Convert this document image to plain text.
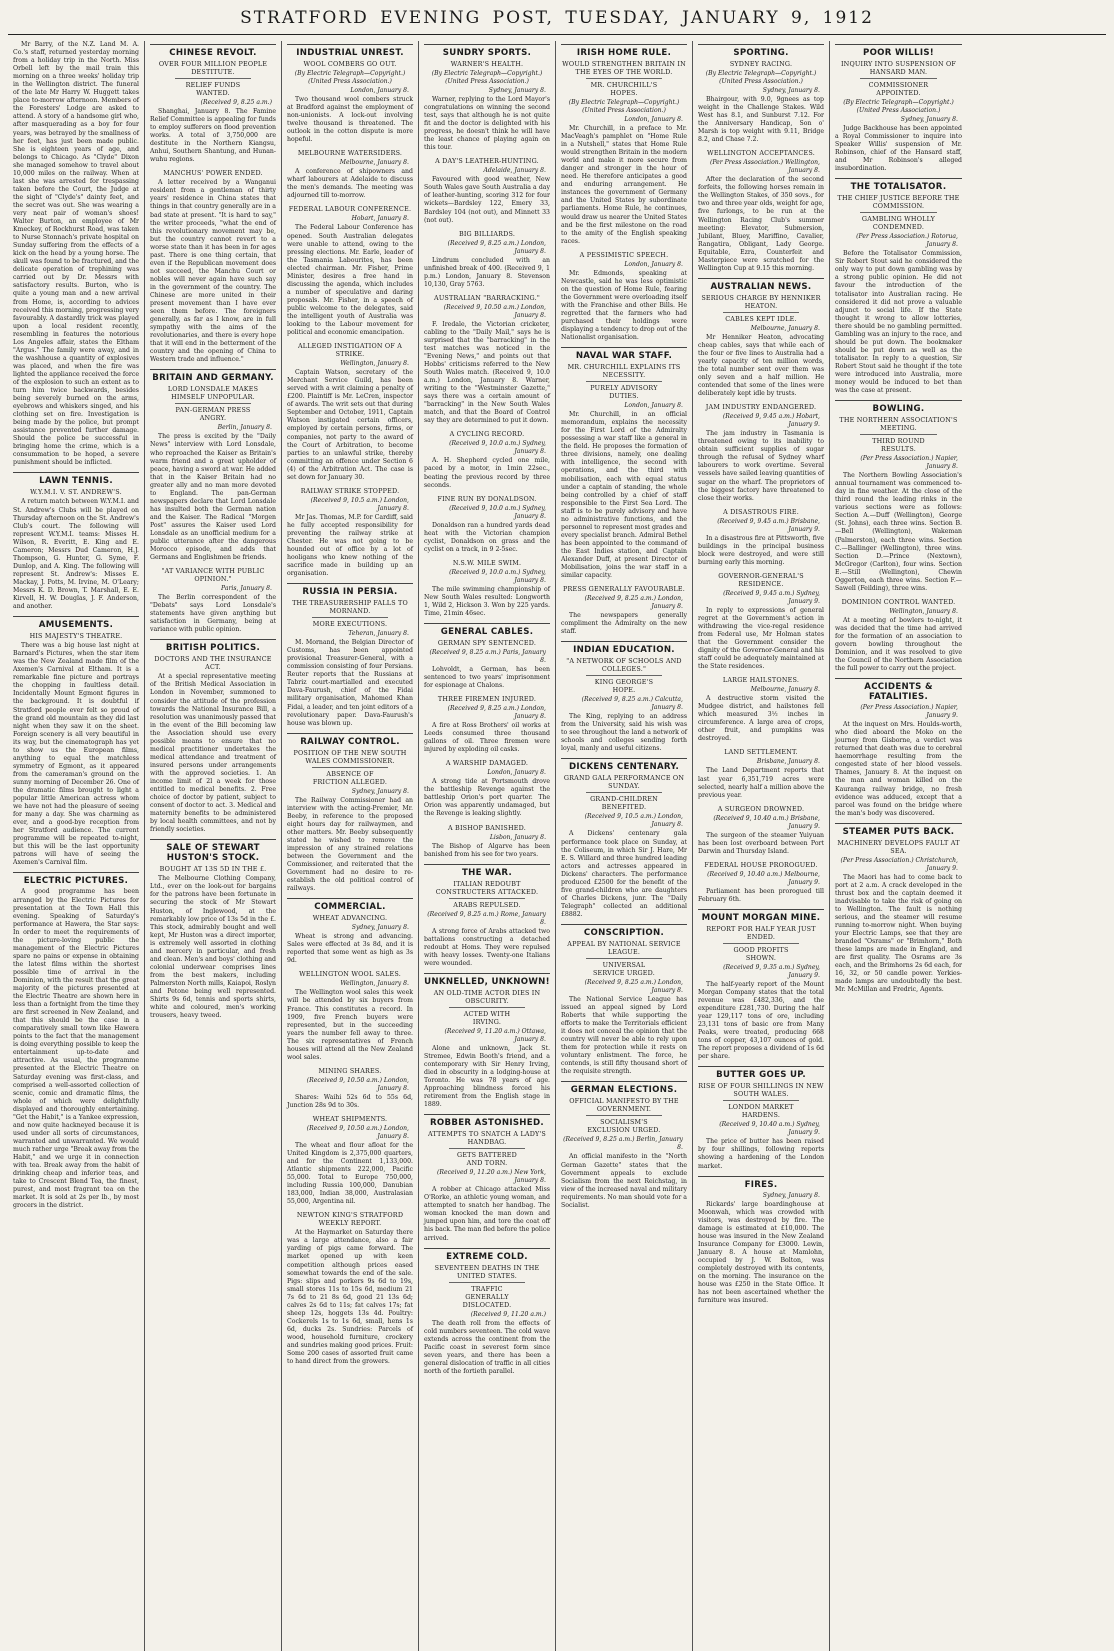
STRATFORD EVENING POST, TUESDAY, JANUARY 9, 1912

Mr Barry, of the N.Z. Land M. A. Co.'s staff, returned yesterday morning from a holiday trip in the North. Miss Orbell left by the mail train this morning on a three weeks' holiday trip in the Wellington district. The funeral of the late Mr Harry W. Huggett takes place to-morrow afternoon. Members of the Foresters' Lodge are asked to attend. A story of a handsome girl who, after masquerading as a boy for four years, was betrayed by the smallness of her feet, has just been made public. She is eighteen years of age, and belongs to Chicago. As "Clyde" Dixon she managed somehow to travel about 10,000 miles on the railway. When at last she was arrested for trespassing taken before the Court, the Judge at the sight of "Clyde's" dainty feet, and the secret was out. She was wearing a very neat pair of woman's shoes! Walter Burton, an employee of Mr Kmeckey, of Rockhurst Road, was taken to Nurse Stonnach's private hospital on Sunday suffering from the effects of a kick on the head by a young horse. The skull was found to be fractured, and the delicate operation of trephining was carried out by Dr. Messrs with satisfactory results. Burton, who is quite a young man and a new arrival from Home, is, according to advices received this morning, progressing very favourably. A dastardly trick was played upon a local resident recently, resembling in features the notorious Los Angeles affair, states the Eltham "Argus." The family were away, and in the washhouse a quantity of explosives was placed, and when the fire was lighted the appliance received the force of the explosion to such an extent as to turn him twice backwards, besides being severely burned on the arms, eyebrows and whiskers singed, and his clothing set on fire. Investigation is being made by the police, but prompt assistance prevented further damage. Should the police be successful in bringing home the crime, which is a consummation to be hoped, a severe punishment should be inflicted.

LAWN TENNIS.
W.Y.M.I. V. ST. ANDREW'S.

A return match between W.Y.M.I. and St. Andrew's Clubs will be played on Thursday afternoon on the St. Andrew's Club's court. The following will represent W.Y.M.I. teams: Misses H. Wilson, R. Everitt, E. King and E. Cameron; Messrs Dud Cameron, H.J. Thompson, G. Hunter, G. Syme, F. Dunlop, and A. King. The following will represent St. Andrew's: Misses E. Mackay, J. Potts, M. Irvine, M. O'Leary; Messrs K. D. Brown, T. Marshall, E. E. Kirvell, H. W. Douglas, J. F. Anderson, and another.

AMUSEMENTS.
HIS MAJESTY'S THEATRE.

There was a big house last night at Barnard's Pictures, when the star item was the New Zealand made film of the Axemen's Carnival at Eltham. It is a remarkable fine picture and portrays the chopping in faultless detail. Incidentally Mount Egmont figures in the background. It is doubtful if Stratford people ever felt so proud of the grand old mountain as they did last night when they saw it on the sheet. Foreign scenery is all very beautiful in its way, but the cinematograph has yet to show us the European films, anything to equal the matchless symmetry of Egmont, as it appeared from the cameraman's ground on the sunny morning of December 26. One of the dramatic films brought to light a popular little American actress whom we have not had the pleasure of seeing for many a day. She was charming as ever, and a good-bye reception from her Stratford audience. The current programme will be repeated to-night, but this will be the last opportunity patrons will have of seeing the Axemen's Carnival film.

ELECTRIC PICTURES.

A good programme has been arranged by the Electric Pictures for presentation at the Town Hall this evening. Speaking of Saturday's performance at Hawera, the Star says: In order to meet the requirements of the picture-loving public the management of the Electric Pictures spare no pains or expense in obtaining the latest films within the shortest possible time of arrival in the Dominion, with the result that the great majority of the pictures presented at the Electric Theatre are shown here in less than a fortnight from the time they are first screened in New Zealand, and that this should be the case in a comparatively small town like Hawera points to the fact that the management is doing everything possible to keep the entertainment up-to-date and attractive. As usual, the programme presented at the Electric Theatre on Saturday evening was first-class, and comprised a well-assorted collection of scenic, comic and dramatic films, the whole of which were delightfully displayed and thoroughly entertaining. "Get the Habit," is a Yankee expression, and now quite hackneyed because it is used under all sorts of circumstances, warranted and unwarranted. We would much rather urge "Break away from the Habit," and we urge it in connection with tea. Break away from the habit of drinking cheap and inferior teas, and take to Crescent Blend Tea, the finest, purest, and most fragrant tea on the market. It is sold at 2s per lb., by most grocers in the district.

CHINESE REVOLT.
OVER FOUR MILLION PEOPLE DESTITUTE.
RELIEF FUNDS WANTED.
(Received 9, 8.25 a.m.)

Shanghai, January 8. The Famine Relief Committee is appealing for funds to employ sufferers on flood prevention works. A total of 3,750,000 are destitute in the Northern Kiangsu, Anhui, Southern Shantung, and Hunan-wuhu regions.

MANCHUS' POWER ENDED.

A letter received by a Wanganui resident from a gentleman of thirty years' residence in China states that things in that country generally are in a bad state at present. "It is hard to say," the writer proceeds, "what the end of this revolutionary movement may be, but the country cannot revert to a worse state than it has been in for ages past. There is one thing certain, that even if the Republican movement does not succeed, the Manchu Court or nobles will never again have such say in the government of the country. The Chinese are more united in their present movement than I have ever seen them before. The foreigners generally, as far as I know, are in full sympathy with the aims of the revolutionaries, and there is every hope that it will end in the betterment of the country and the opening of China to Western trade and influence."

BRITAIN AND GERMANY.
LORD LONSDALE MAKES HIMSELF UNPOPULAR.
PAN-GERMAN PRESS ANGRY.
Berlin, January 8.

The press is excited by the "Daily News" interview with Lord Lonsdale, who reproached the Kaiser as Britain's warm friend and a great upholder of peace, having a sword at war. He added that in the Kaiser Britain had no greater ally and no man more devoted to England. The pan-German newspapers declare that Lord Lonsdale has insulted both the German nation and the Kaiser. The Radical "Morgen Post" assures the Kaiser used Lord Lonsdale as an unofficial medium for a public utterance after the dangerous Morocco episode, and adds that Germans and Englishmen be friends.

"AT VARIANCE WITH PUBLIC OPINION."
Paris, January 8.

The Berlin correspondent of the "Debats" says Lord Lonsdale's statements have given anything but satisfaction in Germany, being at variance with public opinion.

BRITISH POLITICS.
DOCTORS AND THE INSURANCE ACT.

At a special representative meeting of the British Medical Association in London in November, summoned to consider the attitude of the profession towards the National Insurance Bill, a resolution was unanimously passed that in the event of the Bill becoming law the Association should use every possible means to ensure that no medical practitioner undertakes the medical attendance and treatment of insured persons under arrangements with the approved societies. 1. An income limit of 2l a week for those entitled to medical benefits. 2. Free choice of doctor by patient, subject to consent of doctor to act. 3. Medical and maternity benefits to be administered by local health committees, and not by friendly societies.

SALE OF STEWART HUSTON'S STOCK.
BOUGHT AT 13S 5D IN THE £.

The Melbourne Clothing Company, Ltd., ever on the look-out for bargains for the patrons have been fortunate in securing the stock of Mr Stewart Huston, of Inglewood, at the remarkably low price of 13s 5d in the £. This stock, admirably bought and well kept, Mr Huston was a direct importer, is extremely well assorted in clothing and mercery in particular, and fresh and clean. Men's and boys' clothing and colonial underwear comprises lines from the best makers, including Palmerston North mills, Kaiapoi, Roslyn and Petone being well represented. Shirts 9s 6d, tennis and sports shirts, white and coloured, men's working trousers, heavy tweed.

INDUSTRIAL UNREST.
WOOL COMBERS GO OUT.
(By Electric Telegraph—Copyright.) (United Press Association.)
London, January 8.

Two thousand wool combers struck at Bradford against the employment of non-unionists. A lock-out involving twelve thousand is threatened. The outlook in the cotton dispute is more hopeful.

MELBOURNE WATERSIDERS.
Melbourne, January 8.

A conference of shipowners and wharf labourers at Adelaide to discuss the men's demands. The meeting was adjourned till to-morrow.

FEDERAL LABOUR CONFERENCE.
Hobart, January 8.

The Federal Labour Conference has opened. South Australian delegates were unable to attend, owing to the pressing elections. Mr. Earle, leader of the Tasmania Labourites, has been elected chairman. Mr. Fisher, Prime Minister, desires a free hand in discussing the agenda, which includes a number of speculative and daring proposals. Mr. Fisher, in a speech of public welcome to the delegates, said the intelligent youth of Australia was looking to the Labour movement for political and economic emancipation.

ALLEGED INSTIGATION OF A STRIKE.
Wellington, January 8.

Captain Watson, secretary of the Merchant Service Guild, has been served with a writ claiming a penalty of £200. Plaintiff is Mr. LeCren, inspector of awards. The writ sets out that during September and October, 1911, Captain Watson instigated certain officers, employed by certain persons, firms, or companies, not party to the award of the Court of Arbitration, to become parties to an unlawful strike, thereby committing an offence under Section 6 (4) of the Arbitration Act. The case is set down for January 30.

RAILWAY STRIKE STOPPED.
(Received 9, 10.5 a.m.) London, January 8.

Mr Jas. Thomas, M.P. for Cardiff, said he fully accepted responsibility for preventing the railway strike at Chester. He was not going to be hounded out of office by a lot of hooligans who knew nothing of the sacrifice made in building up an organisation.

RUSSIA IN PERSIA.
THE TREASURERSHIP FALLS TO MORNAND.
MORE EXECUTIONS.
Teheran, January 8.

M. Mornand, the Belgian Director of Customs, has been appointed provisional Treasurer-General, with a commission consisting of four Persians. Reuter reports that the Russians at Tabriz court-martialled and executed Dava-Faurush, chief of the Fidai military organisation, Mahomed Khan Fidai, a leader, and ten joint editors of a revolutionary paper. Dava-Faurush's house was blown up.

RAILWAY CONTROL.
POSITION OF THE NEW SOUTH WALES COMMISSIONER.
ABSENCE OF FRICTION ALLEGED.
Sydney, January 8.

The Railway Commissioner had an interview with the acting-Premier, Mr. Beeby, in reference to the proposed eight hours day for railwaymen, and other matters. Mr. Beeby subsequently stated he wished to remove the impression of any strained relations between the Government and the Commissioner, and reiterated that the Government had no desire to re-establish the old political control of railways.

COMMERCIAL.
WHEAT ADVANCING.
Sydney, January 8.

Wheat is strong and advancing. Sales were effected at 3s 8d, and it is reported that some went as high as 3s 9d.

WELLINGTON WOOL SALES.
Wellington, January 8.

The Wellington wool sales this week will be attended by six buyers from France. This constitutes a record. In 1909, five French buyers were represented, but in the succeeding years the number fell away to three. The six representatives of French houses will attend all the New Zealand wool sales.

MINING SHARES.
(Received 9, 10.50 a.m.) London, January 8.

Shares: Waihi 52s 6d to 55s 6d, Junction 28s 9d to 30s.

WHEAT SHIPMENTS.
(Received 9, 10.50 a.m.) London, January 8.

The wheat and flour afloat for the United Kingdom is 2,375,000 quarters, and for the Continent 1,133,000. Atlantic shipments 222,000, Pacific 55,000. Total to Europe 750,000, including Russia 100,000, Danubian 183,000, Indian 38,000, Australasian 55,000, Argentina nil.

NEWTON KING'S STRATFORD WEEKLY REPORT.

At the Haymarket on Saturday there was a large attendance, also a fair yarding of pigs came forward. The market opened up with keen competition although prices eased somewhat towards the end of the sale. Pigs: slips and porkers 9s 6d to 19s, small stores 11s to 15s 6d, medium 21 7s 6d to 21 8s 6d, good 21 13s 6d; calves 2s 6d to 11s; fat calves 17s; fat sheep 12s, hoggets 13s 4d. Poultry: Cockerels 1s to 1s 6d, small, hens 1s 6d, ducks 2s. Sundries: Parcels of wood, household furniture, crockery and sundries making good prices. Fruit: Some 200 cases of assorted fruit came to hand direct from the growers.

SUNDRY SPORTS.
WARNER'S HEALTH.
(By Electric Telegraph—Copyright.) (United Press Association.)
Sydney, January 8.

Warner, replying to the Lord Mayor's congratulations on winning the second test, says that although he is not quite fit and the doctor is delighted with his progress, he doesn't think he will have the least chance of playing again on this tour.

A DAY'S LEATHER-HUNTING.
Adelaide, January 8.

Favoured with good weather, New South Wales gave South Australia a day of leather-hunting, scoring 312 for four wickets—Bardsley 122, Emery 33, Bardsley 104 (not out), and Minnett 33 (not out).

BIG BILLIARDS.
(Received 9, 8.25 a.m.) London, January 8.

Lindrum concluded with an unfinished break of 400. (Received 9, 1 p.m.) London, January 8. Stevenson 10,130, Gray 5763.

AUSTRALIAN "BARRACKING."
(Received 9, 10.50 a.m.) London, January 8.

F. Iredale, the Victorian cricketer, cabling to the "Daily Mail," says he is surprised that the "barracking" in the test matches was noticed in the "Evening News," and points out that Hobbs' criticisms referred to the New South Wales match. (Received 9, 10.0 a.m.) London, January 8. Warner, writing to the "Westminster Gazette," says there was a certain amount of "barracking" in the New South Wales match, and that the Board of Control say they are determined to put it down.

A CYCLING RECORD.
(Received 9, 10.0 a.m.) Sydney, January 8.

A. H. Shepherd cycled one mile, paced by a motor, in 1min 22sec., beating the previous record by three seconds.

FINE RUN BY DONALDSON.
(Received 9, 10.0 a.m.) Sydney, January 8.

Donaldson ran a hundred yards dead heat with the Victorian champion cyclist, Donaldson on grass and the cyclist on a track, in 9 2-5sec.

N.S.W. MILE SWIM.
(Received 9, 10.0 a.m.) Sydney, January 8.

The mile swimming championship of New South Wales resulted: Longworth 1, Wild 2, Hickson 3. Won by 225 yards. Time, 21min 46sec.

GENERAL CABLES.
GERMAN SPY SENTENCED.
(Received 9, 8.25 a.m.) Paris, January 8.

Lohvoldt, a German, has been sentenced to two years' imprisonment for espionage at Chalons.

THREE FIREMEN INJURED.
(Received 9, 8.25 a.m.) London, January 8.

A fire at Ross Brothers' oil works at Leeds consumed three thousand gallons of oil. Three firemen were injured by exploding oil casks.

A WARSHIP DAMAGED.
London, January 8.

A strong tide at Portsmouth drove the battleship Revenge against the battleship Orion's port quarter. The Orion was apparently undamaged, but the Revenge is leaking slightly.

A BISHOP BANISHED.
Lisbon, January 8.

The Bishop of Algarve has been banished from his see for two years.

THE WAR.
ITALIAN REDOUBT CONSTRUCTERS ATTACKED.
ARABS REPULSED.
(Received 9, 8.25 a.m.) Rome, January 8.

A strong force of Arabs attacked two battalions constructing a detached redoubt at Homs. They were repulsed with heavy losses. Twenty-one Italians were wounded.

UNKNELLED, UNKNOWN!
AN OLD-TIME ACTOR DIES IN OBSCURITY.
ACTED WITH IRVING.
(Received 9, 11.20 a.m.) Ottawa, January 8.

Alone and unknown, Jack St. Stremee, Edwin Booth's friend, and a contemporary with Sir Henry Irving, died in obscurity in a lodging-house at Toronto. He was 78 years of age. Approaching blindness forced his retirement from the English stage in 1889.

ROBBER ASTONISHED.
ATTEMPTS TO SNATCH A LADY'S HANDBAG.
GETS BATTERED AND TORN.
(Received 9, 11.20 a.m.) New York, January 8.

A robber at Chicago attacked Miss O'Rorke, an athletic young woman, and attempted to snatch her handbag. The woman knocked the man down and jumped upon him, and tore the coat off his back. The man fled before the police arrived.

EXTREME COLD.
SEVENTEEN DEATHS IN THE UNITED STATES.
TRAFFIC GENERALLY DISLOCATED.
(Received 9, 11.20 a.m.)

The death roll from the effects of cold numbers seventeen. The cold wave extends across the continent from the Pacific coast in severest form since seven years, and there has been a general dislocation of traffic in all cities north of the fortieth parallel.

IRISH HOME RULE.
WOULD STRENGTHEN BRITAIN IN THE EYES OF THE WORLD.
MR. CHURCHILL'S HOPES.
(By Electric Telegraph—Copyright.) (United Press Association.)
London, January 8.

Mr. Churchill, in a preface to Mr. MacVeagh's pamphlet on "Home Rule in a Nutshell," states that Home Rule would strengthen Britain in the modern world and make it more secure from danger and stronger in the hour of need. He therefore anticipates a good and enduring arrangement. He instances the government of Germany and the United States by subordinate parliaments. Home Rule, he continues, would draw us nearer the United States and be the first milestone on the road to the amity of the English speaking races.

A PESSIMISTIC SPEECH.
London, January 8.

Mr. Edmonds, speaking at Newcastle, said he was less optimistic on the question of Home Rule, fearing the Government were overloading itself with the Franchise and other Bills. He regretted that the farmers who had purchased their holdings were displaying a tendency to drop out of the Nationalist organisation.

NAVAL WAR STAFF.
MR. CHURCHILL EXPLAINS ITS NECESSITY.
PURELY ADVISORY DUTIES.
London, January 8.

Mr. Churchill, in an official memorandum, explains the necessity for the First Lord of the Admiralty possessing a war staff like a general in the field. He proposes the formation of three divisions, namely, one dealing with intelligence, the second with operations, and the third with mobilisation, each with equal status under a captain of standing, the whole being controlled by a chief of staff responsible to the First Sea Lord. The staff is to be purely advisory and have no administrative functions, and the personnel to represent most grades and every specialist branch. Admiral Bethel has been appointed to the command of the East Indies station, and Captain Alexander Duff, at present Director of Mobilisation, joins the war staff in a similar capacity.

PRESS GENERALLY FAVOURABLE.
(Received 9, 8.25 a.m.) London, January 8.

The newspapers generally compliment the Admiralty on the new staff.

INDIAN EDUCATION.
"A NETWORK OF SCHOOLS AND COLLEGES."
KING GEORGE'S HOPE.
(Received 9, 8.25 a.m.) Calcutta, January 8.

The King, replying to an address from the University, said his wish was to see throughout the land a network of schools and colleges sending forth loyal, manly and useful citizens.

DICKENS CENTENARY.
GRAND GALA PERFORMANCE ON SUNDAY.
GRAND-CHILDREN BENEFITED.
(Received 9, 10.5 a.m.) London, January 8.

A Dickens' centenary gala performance took place on Sunday, at the Coliseum, in which Sir J. Hare, Mr E. S. Willard and three hundred leading actors and actresses appeared in Dickens' characters. The performance produced £2500 for the benefit of the five grand-children who are daughters of Charles Dickens, junr. The "Daily Telegraph" collected an additional £8882.

CONSCRIPTION.
APPEAL BY NATIONAL SERVICE LEAGUE.
UNIVERSAL SERVICE URGED.
(Received 9, 8.25 a.m.) London, January 8.

The National Service League has issued an appeal signed by Lord Roberts that while supporting the efforts to make the Territorials efficient it does not conceal the opinion that the country will never be able to rely upon them for protection while it rests on voluntary enlistment. The force, he contends, is still fifty thousand short of the requisite strength.

GERMAN ELECTIONS.
OFFICIAL MANIFESTO BY THE GOVERNMENT.
SOCIALISM'S EXCLUSION URGED.
(Received 9, 8.25 a.m.) Berlin, January 8.

An official manifesto in the "North German Gazette" states that the Government appeals to exclude Socialism from the next Reichstag, in view of the increased naval and military requirements. No man should vote for a Socialist.

SPORTING.
SYDNEY RACING.
(By Electric Telegraph—Copyright.) (United Press Association.)
Sydney, January 8.

Bhairgour, with 9.0, 9gnees as top weight in the Challenge Stakes. Wild West has 8.1, and Sunburst 7.12. For the Anniversary Handicap, Son o' Marsh is top weight with 9.11, Bridge 8.2, and Chase 7.2.

WELLINGTON ACCEPTANCES.
(Per Press Association.) Wellington, January 8.

After the declaration of the second forfeits, the following horses remain in the Wellington Stakes, of 350 sovs., for two and three year olds, weight for age, five furlongs, to be run at the Wellington Racing Club's summer meeting: Elevator, Submersion, Jubilant, Bluey, Mariffino, Cavalier, Rangatira, Obligant, Lady George. Equitable, Ezra, Counterfeit and Masterpiece were scratched for the Wellington Cup at 9.15 this morning.

AUSTRALIAN NEWS.
SERIOUS CHARGE BY HENNIKER HEATON.
CABLES KEPT IDLE.
Melbourne, January 8.

Mr Henniker Heaton, advocating cheap cables, says that while each of the four or five lines to Australia had a yearly capacity of ten million words, the total number sent over them was only seven and a half million. He contended that some of the lines were deliberately kept idle by trusts.

JAM INDUSTRY ENDANGERED.
(Received 9, 9.45 a.m.) Hobart, January 9.

The jam industry in Tasmania is threatened owing to its inability to obtain sufficient supplies of sugar through the refusal of Sydney wharf labourers to work overtime. Several vessels have sailed leaving quantities of sugar on the wharf. The proprietors of the biggest factory have threatened to close their works.

A DISASTROUS FIRE.
(Received 9, 9.45 a.m.) Brisbane, January 9.

In a disastrous fire at Pittsworth, five buildings in the principal business block were destroyed, and were still burning early this morning.

GOVERNOR-GENERAL'S RESIDENCE.
(Received 9, 9.45 a.m.) Sydney, January 9.

In reply to expressions of general regret at the Government's action in withdrawing the vice-regal residence from Federal use, Mr Holman states that the Government consider the dignity of the Governor-General and his staff could be adequately maintained at the State residences.

LARGE HAILSTONES.
Melbourne, January 8.

A destructive storm visited the Mudgee district, and hailstones fell which measured 3½ inches in circumference. A large area of crops, other fruit, and pumpkins was destroyed.

LAND SETTLEMENT.
Brisbane, January 8.

The Land Department reports that last year 6,351,719 acres were selected, nearly half a million above the previous year.

A SURGEON DROWNED.
(Received 9, 10.40 a.m.) Brisbane, January 9.

The surgeon of the steamer Yuiyuan has been lost overboard between Port Darwin and Thursday Island.

FEDERAL HOUSE PROROGUED.
(Received 9, 10.40 a.m.) Melbourne, January 9.

Parliament has been prorogued till February 6th.

MOUNT MORGAN MINE.
REPORT FOR HALF YEAR JUST ENDED.
GOOD PROFITS SHOWN.
(Received 9, 9.35 a.m.) Sydney, January 9.

The half-yearly report of the Mount Morgan Company states that the total revenue was £482,336, and the expenditure £281,730. During the half year 129,117 tons of ore, including 23,131 tons of basic ore from Many Peaks, were treated, producing 668 tons of copper, 43,107 ounces of gold. The report proposes a dividend of 1s 6d per share.

BUTTER GOES UP.
RISE OF FOUR SHILLINGS IN NEW SOUTH WALES.
LONDON MARKET HARDENS.
(Received 9, 10.40 a.m.) Sydney, January 9.

The price of butter has been raised by four shillings, following reports showing a hardening of the London market.

FIRES.
Sydney, January 8.

Rickards' large boardinghouse at Moonwah, which was crowded with visitors, was destroyed by fire. The damage is estimated at £10,000. The house was insured in the New Zealand Insurance Company for £3000. Lewin, January 8. A house at Mamlohn, occupied by J. W. Bolton, was completely destroyed with its contents, on the morning. The insurance on the house was £250 in the State Office. It has not been ascertained whether the furniture was insured.

POOR WILLIS!
INQUIRY INTO SUSPENSION OF HANSARD MAN.
COMMISSIONER APPOINTED.
(By Electric Telegraph—Copyright.) (United Press Association.)
Sydney, January 8.

Judge Backhouse has been appointed a Royal Commissioner to inquire into Speaker Willis' suspension of Mr. Robinson, chief of the Hansard staff, and Mr Robinson's alleged insubordination.

THE TOTALISATOR.
THE CHIEF JUSTICE BEFORE THE COMMISSION.
GAMBLING WHOLLY CONDEMNED.
(Per Press Association.) Rotorua, January 8.

Before the Totalisator Commission, Sir Robert Stout said he considered the only way to put down gambling was by a strong public opinion. He did not favour the introduction of the totalisator into Australian racing. He considered it did not prove a valuable adjunct to social life. If the State thought it wrong to allow lotteries, there should be no gambling permitted. Gambling was an injury to the race, and should be put down. The bookmaker should be put down as well as the totalisator. In reply to a question, Sir Robert Stout said he thought if the tote were introduced into Australia, more money would be induced to bet than was the case at present.

BOWLING.
THE NORTHERN ASSOCIATION'S MEETING.
THIRD ROUND RESULTS.
(Per Press Association.) Napier, January 8.

The Northern Bowling Association's annual tournament was commenced to-day in fine weather. At the close of the third round the leading rinks in the various sections were as follows: Section A.—Duff (Wellington), George (St. Johns), each three wins. Section B.—Bell (Wellington), Wakeman (Palmerston), each three wins. Section C.—Ballinger (Wellington), three wins. Section D.—Prince (Nextown), McGregor (Carlton), four wins. Section E.—Still (Wellington), Chewin Oggerton, each three wins. Section F.—Sawell (Feilding), three wins.

DOMINION CONTROL WANTED.
Wellington, January 8.

At a meeting of bowlers to-night, it was decided that the time had arrived for the formation of an association to govern bowling throughout the Dominion, and it was resolved to give the Council of the Northern Association the full power to carry out the project.

ACCIDENTS & FATALITIES.
(Per Press Association.) Napier, January 9.

At the inquest on Mrs. Houlds-worth, who died aboard the Moko on the journey from Gisborne, a verdict was returned that death was due to cerebral haemorrhage resulting from the congested state of her blood vessels. Thames, January 8. At the inquest on the man and woman killed on the Kauranga railway bridge, no fresh evidence was adduced, except that a parcel was found on the bridge where the man's body was discovered.

STEAMER PUTS BACK.
MACHINERY DEVELOPS FAULT AT SEA.
(Per Press Association.) Christchurch, January 9.

The Maori has had to come back to port at 2 a.m. A crack developed in the thrust box and the captain deemed it inadvisable to take the risk of going on to Wellington. The fault is nothing serious, and the steamer will resume running to-morrow night. When buying your Electric Lamps, see that they are branded "Osrams" or "Brimhorn," Both these lamps are made in England, and are first quality. The Osrams are 3s each, and the Brimhorns 2s 6d each, for 16, 32, or 50 candle power. Yerkies-made lamps are undoubtedly the best. Mr. McMillan and Fredric, Agents.
